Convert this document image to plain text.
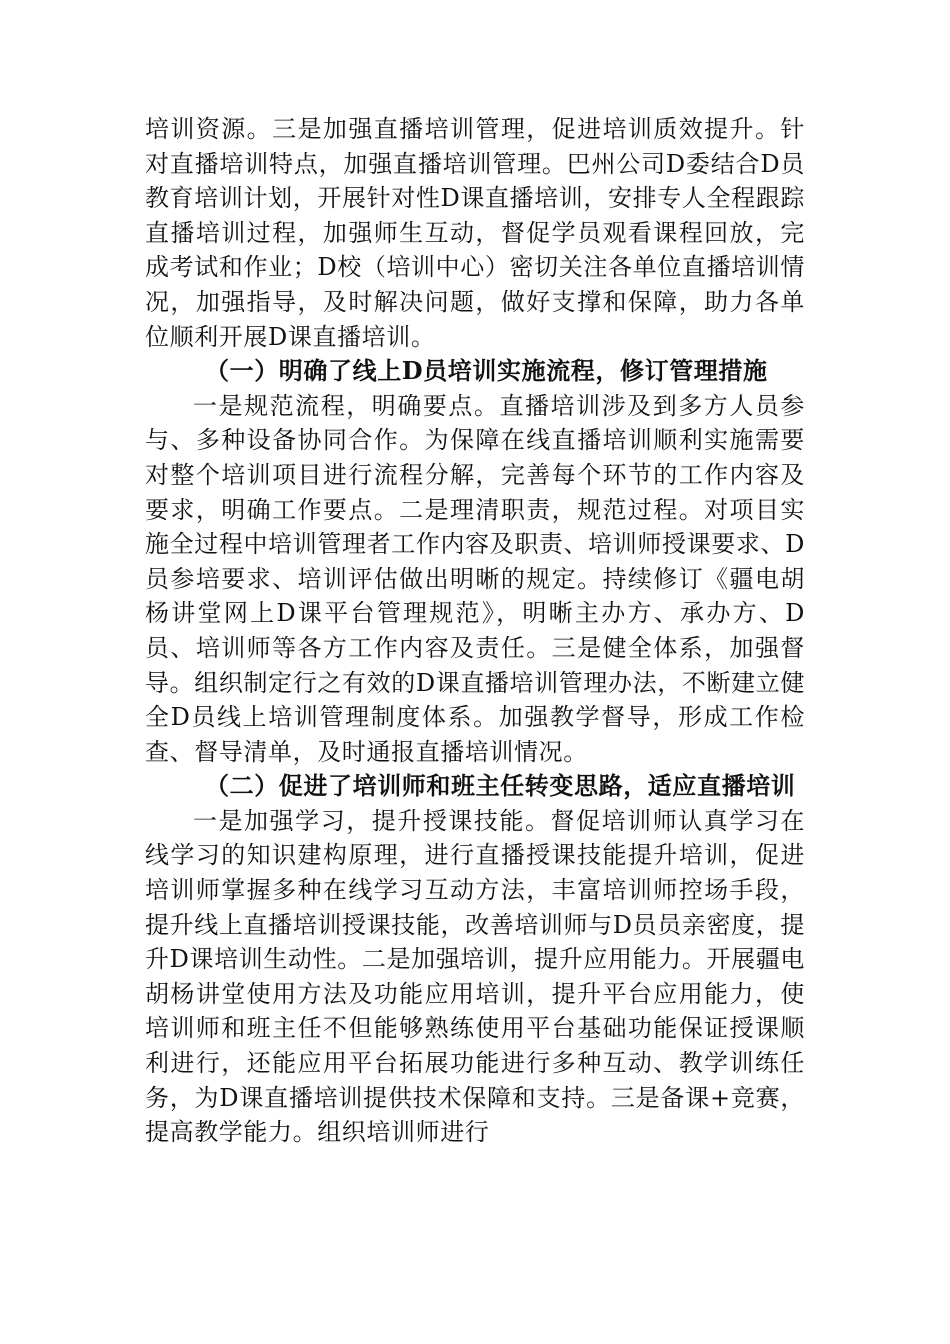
培训资源。三是加强直播培训管理，促进培训质效提升。针对直播培训特点，加强直播培训管理。巴州公司D委结合D员教育培训计划，开展针对性D课直播培训，安排专人全程跟踪直播培训过程，加强师生互动，督促学员观看课程回放，完成考试和作业；D校（培训中心）密切关注各单位直播培训情况，加强指导，及时解决问题，做好支撑和保障，助力各单位顺利开展D课直播培训。

（一）明确了线上D员培训实施流程，修订管理措施

一是规范流程，明确要点。直播培训涉及到多方人员参与、多种设备协同合作。为保障在线直播培训顺利实施需要对整个培训项目进行流程分解，完善每个环节的工作内容及要求，明确工作要点。二是理清职责，规范过程。对项目实施全过程中培训管理者工作内容及职责、培训师授课要求、D员参培要求、培训评估做出明晰的规定。持续修订《疆电胡杨讲堂网上D课平台管理规范》，明晰主办方、承办方、D员、培训师等各方工作内容及责任。三是健全体系，加强督导。组织制定行之有效的D课直播培训管理办法，不断建立健全D员线上培训管理制度体系。加强教学督导，形成工作检查、督导清单，及时通报直播培训情况。

（二）促进了培训师和班主任转变思路，适应直播培训

一是加强学习，提升授课技能。督促培训师认真学习在线学习的知识建构原理，进行直播授课技能提升培训，促进培训师掌握多种在线学习互动方法，丰富培训师控场手段，提升线上直播培训授课技能，改善培训师与D员员亲密度，提升D课培训生动性。二是加强培训，提升应用能力。开展疆电胡杨讲堂使用方法及功能应用培训，提升平台应用能力，使培训师和班主任不但能够熟练使用平台基础功能保证授课顺利进行，还能应用平台拓展功能进行多种互动、教学训练任务，为D课直播培训提供技术保障和支持。三是备课+竞赛，提高教学能力。组织培训师进行
